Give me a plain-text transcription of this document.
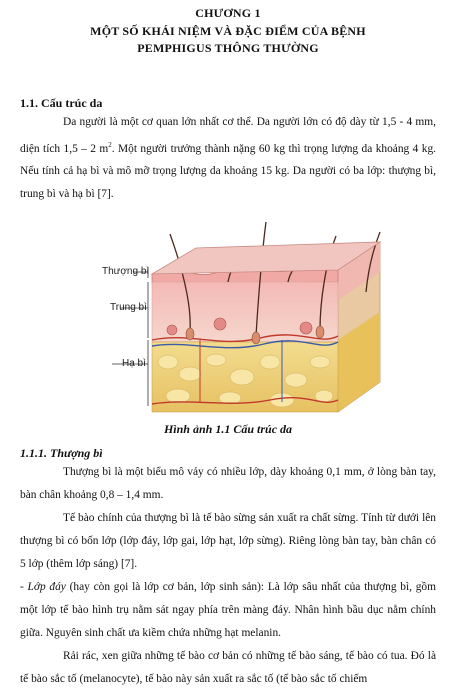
CHƯƠNG 1
MỘT SỐ KHÁI NIỆM VÀ ĐẶC ĐIỂM CỦA BỆNH
PEMPHIGUS THÔNG THƯỜNG
1.1. Cấu trúc da

Da người là một cơ quan lớn nhất cơ thể. Da người lớn có độ dày từ 1,5 - 4 mm, diện tích 1,5 – 2 $m^2$. Một người trưởng thành nặng 60 kg thì trọng lượng da khoảng 4 kg. Nếu tính cả hạ bì và mô mỡ trọng lượng da khoảng 15 kg. Da người có ba lớp: thượng bì, trung bì và hạ bì [7].

Thượng bì
Trung bì
Hạ bì
Hình ảnh 1.1 Cấu trúc da
1.1.1. Thượng bì

Thượng bì là một biểu mô vảy có nhiều lớp, dày khoảng 0,1 mm, ở lòng bàn tay, bàn chân khoảng 0,8 – 1,4 mm.

Tế bào chính của thượng bì là tế bào sừng sản xuất ra chất sừng. Tính từ dưới lên thượng bì có bốn lớp (lớp đáy, lớp gai, lớp hạt, lớp sừng). Riêng lòng bàn tay, bàn chân có 5 lớp (thêm lớp sáng) [7].

- Lớp đáy (hay còn gọi là lớp cơ bản, lớp sinh sản): Là lớp sâu nhất của thượng bì, gồm một lớp tế bào hình trụ nằm sát ngay phía trên màng đáy. Nhân hình bầu dục nằm chính giữa. Nguyên sinh chất ưa kiềm chứa những hạt melanin.

Rải rác, xen giữa những tế bào cơ bản có những tế bào sáng, tế bào có tua. Đó là tế bào sắc tố (melanocyte), tế bào này sản xuất ra sắc tố (tế bào sắc tố chiếm
